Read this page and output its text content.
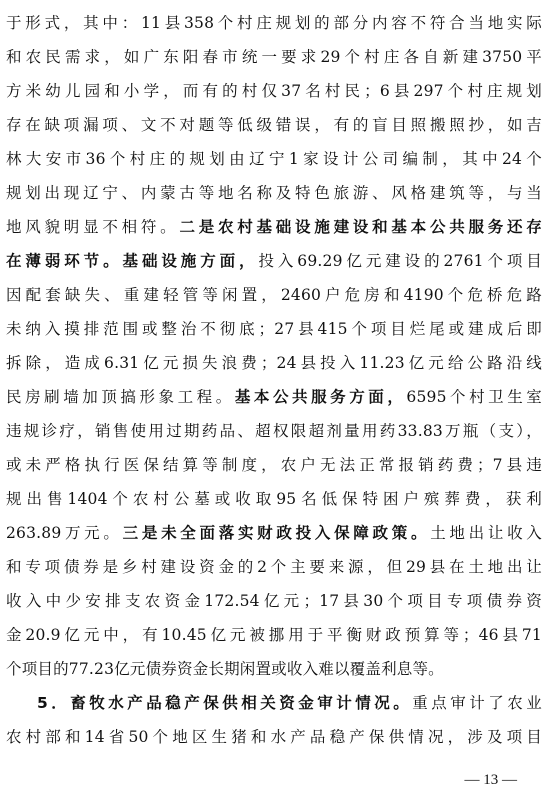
于形式，其中：11县358个村庄规划的部分内容不符合当地实际
和农民需求，如广东阳春市统一要求29个村庄各自新建3750平
方米幼儿园和小学，而有的村仅37名村民；6县297个村庄规划
存在缺项漏项、文不对题等低级错误，有的盲目照搬照抄，如吉
林大安市36个村庄的规划由辽宁1家设计公司编制，其中24个
规划出现辽宁、内蒙古等地名称及特色旅游、风格建筑等，与当
地风貌明显不相符。二是农村基础设施建设和基本公共服务还存
在薄弱环节。基础设施方面，投入69.29亿元建设的2761个项目
因配套缺失、重建轻管等闲置，2460户危房和4190个危桥危路
未纳入摸排范围或整治不彻底；27县415个项目烂尾或建成后即
拆除，造成6.31亿元损失浪费；24县投入11.23亿元给公路沿线
民房刷墙加顶搞形象工程。基本公共服务方面，6595个村卫生室
违规诊疗，销售使用过期药品、超权限超剂量用药33.83万瓶（支），
或未严格执行医保结算等制度，农户无法正常报销药费；7县违
规出售1404个农村公墓或收取95名低保特困户殡葬费，获利
263.89万元。三是未全面落实财政投入保障政策。土地出让收入
和专项债券是乡村建设资金的2个主要来源，但29县在土地出让
收入中少安排支农资金172.54亿元；17县30个项目专项债券资
金20.9亿元中，有10.45亿元被挪用于平衡财政预算等；46县71
个项目的77.23亿元债券资金长期闲置或收入难以覆盖利息等。
5．畜牧水产品稳产保供相关资金审计情况。重点审计了农业
农村部和14省50个地区生猪和水产品稳产保供情况，涉及项目
— 13 —
